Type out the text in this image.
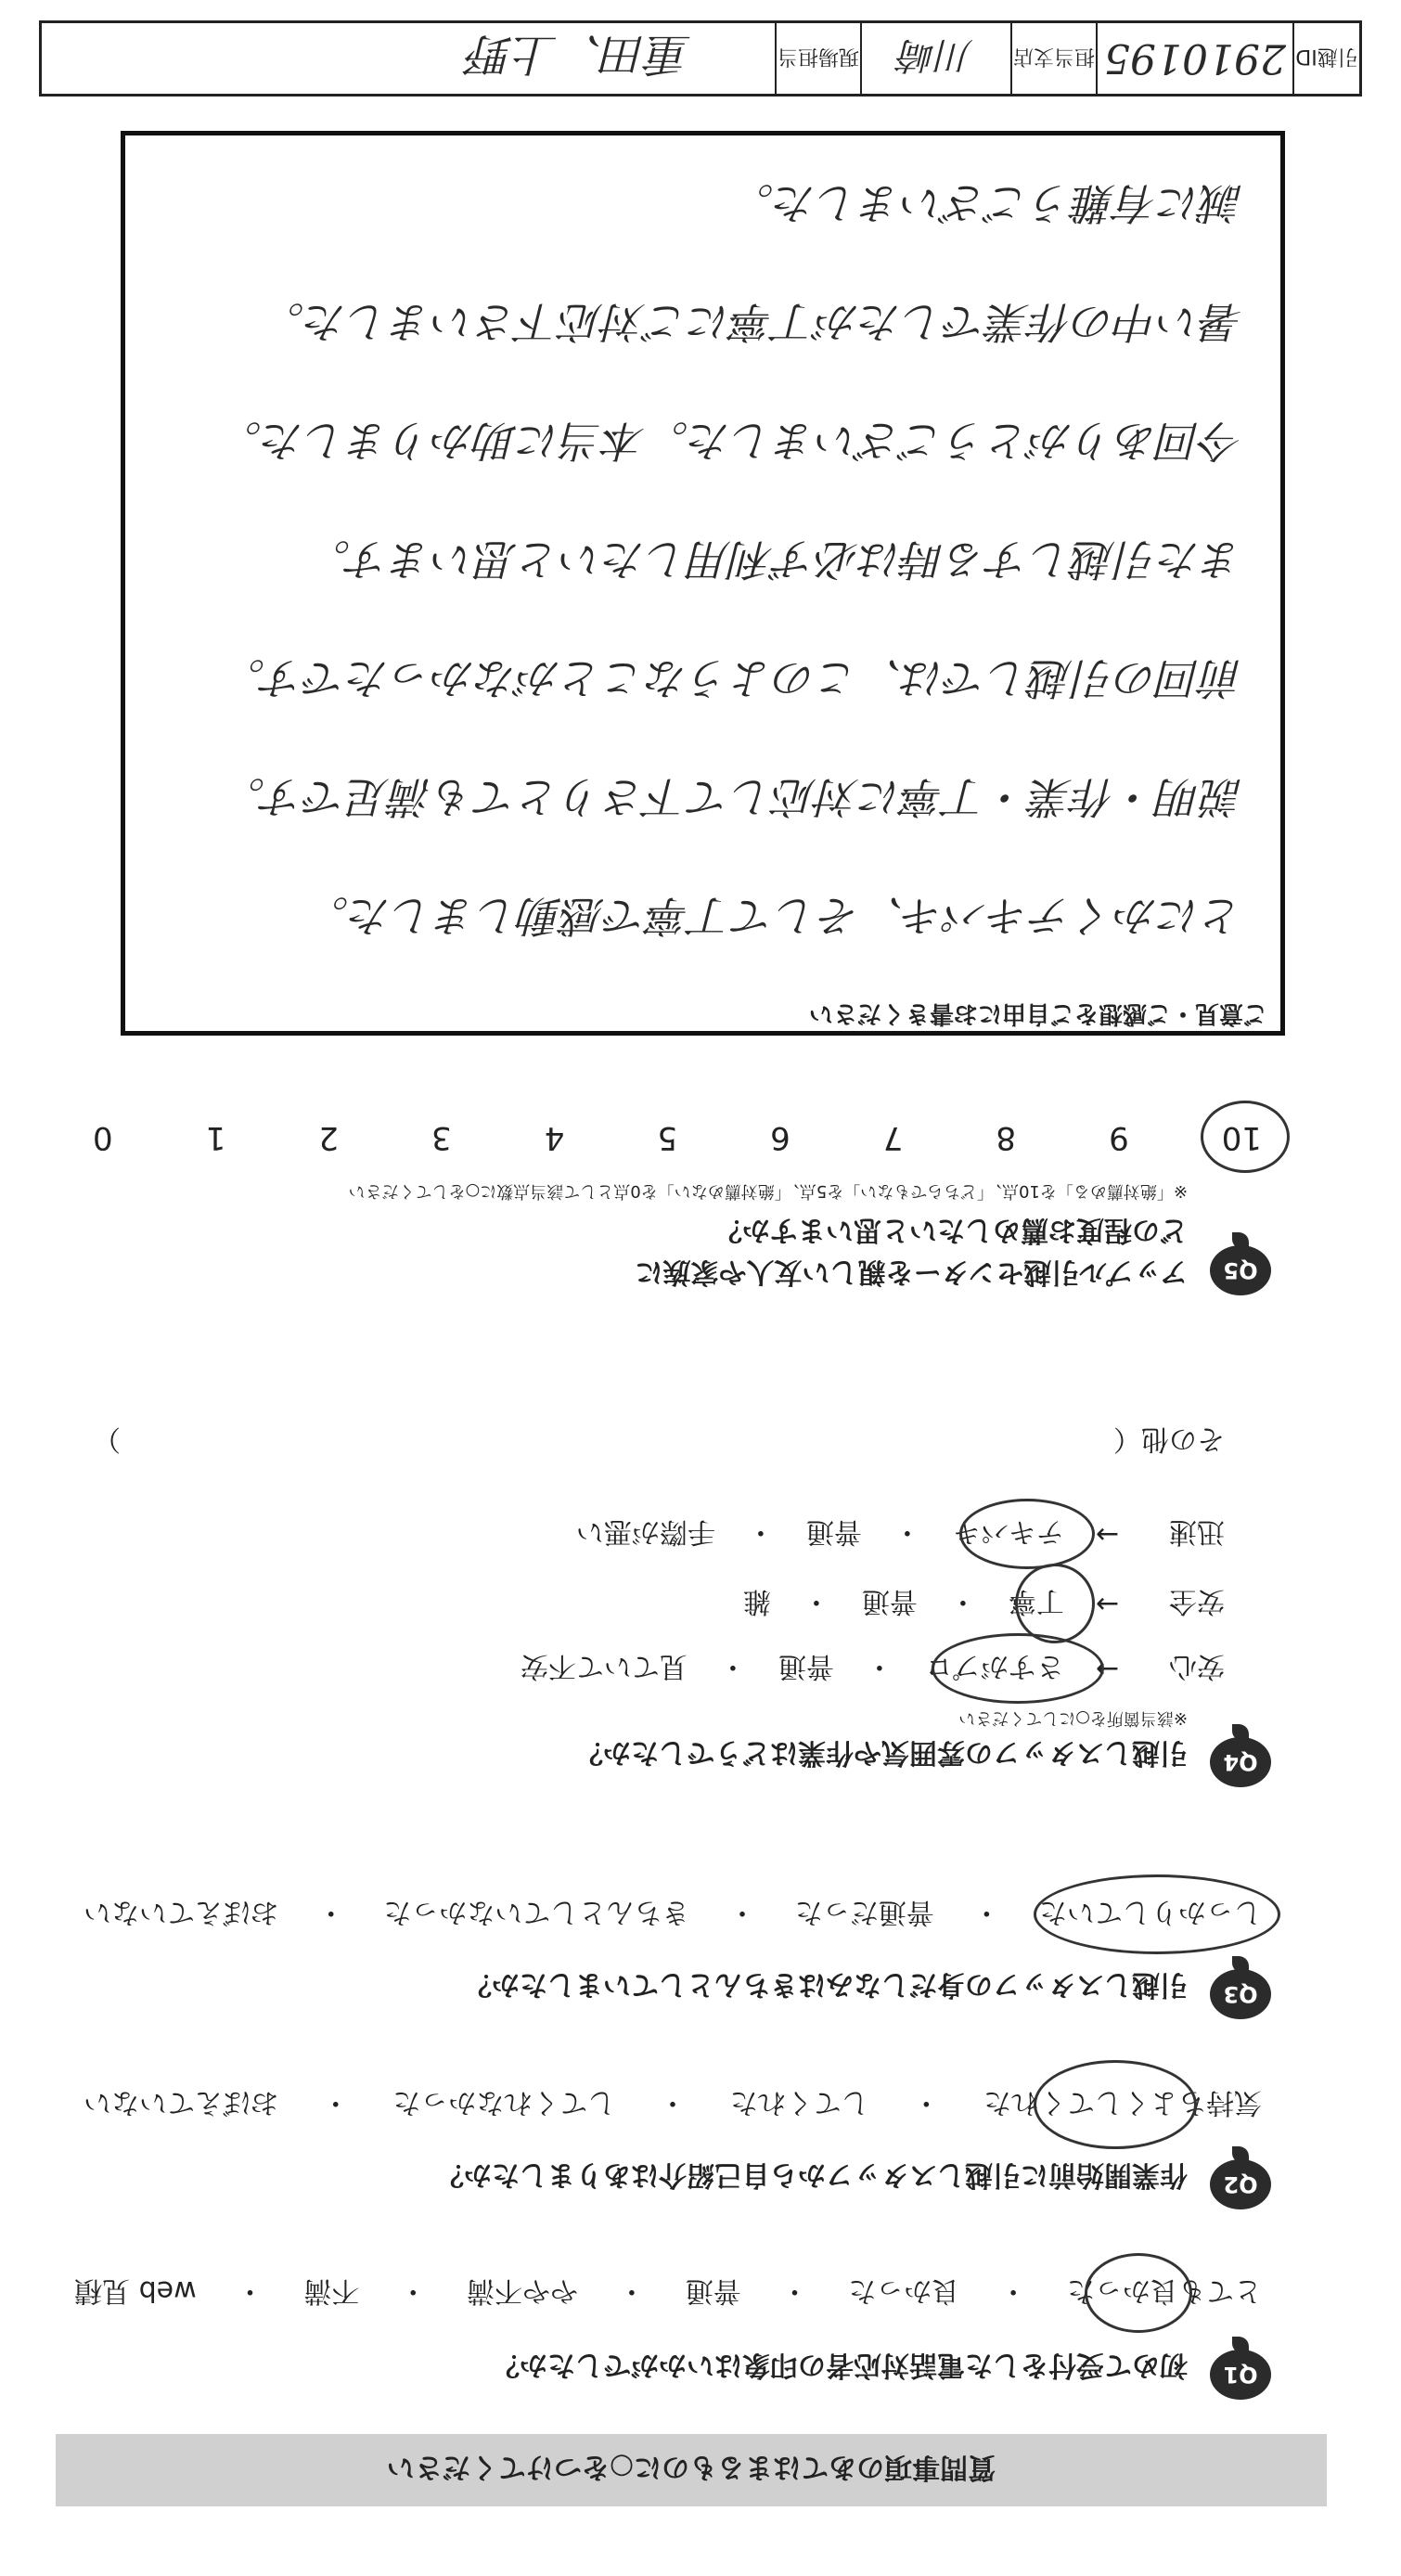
引越ID
2910195
担当支店
川崎
現場担当
重田、上野
ご意見・ご感想をご自由にお書きください
とにかくテキパキ、そして丁寧で感動しました。
説明・作業・丁寧に対応して下さりとても満足です。
前回の引越しでは、このようなことがなかったです。
また引越しする時は必ず利用したいと思います。
今回ありがとうございました。本当に助かりました。
暑い中の作業でしたが丁寧にご対応下さいました。
誠に有難うございました。
Q5
アップル引越センターを親しい友人や家族に
どの程度お薦めしたいと思いますか？
※「絶対薦める」を10点、「どちらでもない」を5点、「絶対薦めない」を0点として該当点数に○をしてください
10
9
8
7
6
5
4
3
2
1
0
Q4
引越しスタッフの雰囲気や作業はどうでしたか？
※該当箇所を○にしてください
安心
→
さすがプロ
・
普通
・
見ていて不安
安全
→
丁寧
・
普通
・
雑
迅速
→
テキパキ
・
普通
・
手際が悪い
その他（
）
Q3
引越しスタッフの身だしなみはきちんとしていましたか？
しっかりしていた
・
普通だった
・
きちんとしていなかった
・
おぼえていない
Q2
作業開始前に引越しスタッフから自己紹介はありましたか？
気持ちよくしてくれた
・
してくれた
・
してくれなかった
・
おぼえていない
Q1
初めて受付をした電話対応者の印象はいかがでしたか？
とても良かった
・
良かった
・
普通
・
やや不満
・
不満
・
web 見積
質問事項のあてはまるものに○をつけてください
